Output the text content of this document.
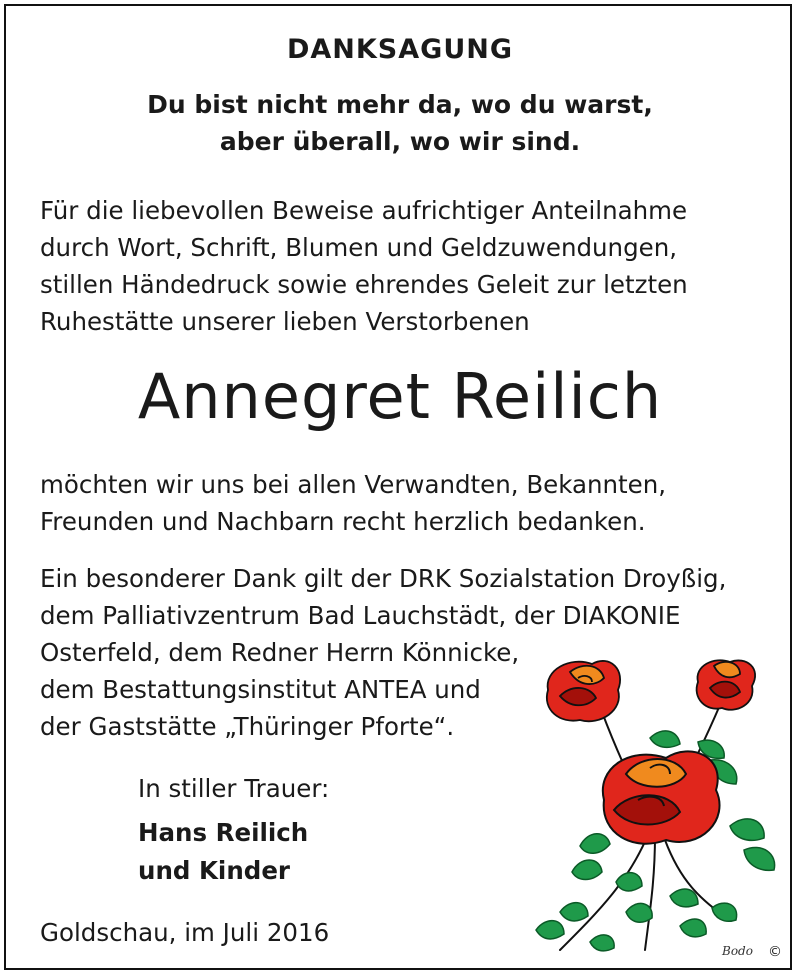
DANKSAGUNG
Du bist nicht mehr da, wo du warst,
aber überall, wo wir sind.
Für die liebevollen Beweise aufrichtiger Anteilnahme
durch Wort, Schrift, Blumen und Geldzuwendungen,
stillen Händedruck sowie ehrendes Geleit zur letzten
Ruhestätte unserer lieben Verstorbenen
Annegret Reilich
möchten wir uns bei allen Verwandten, Bekannten,
Freunden und Nachbarn recht herzlich bedanken.
Ein besonderer Dank gilt der DRK Sozialstation Droyßig,
dem Palliativzentrum Bad Lauchstädt, der DIAKONIE
Osterfeld, dem Redner Herrn Könnicke,
dem Bestattungsinstitut ANTEA und
der Gaststätte „Thüringer Pforte“.
In stiller Trauer:
Hans Reilich
und Kinder
Goldschau, im Juli 2016
Bodo ©
